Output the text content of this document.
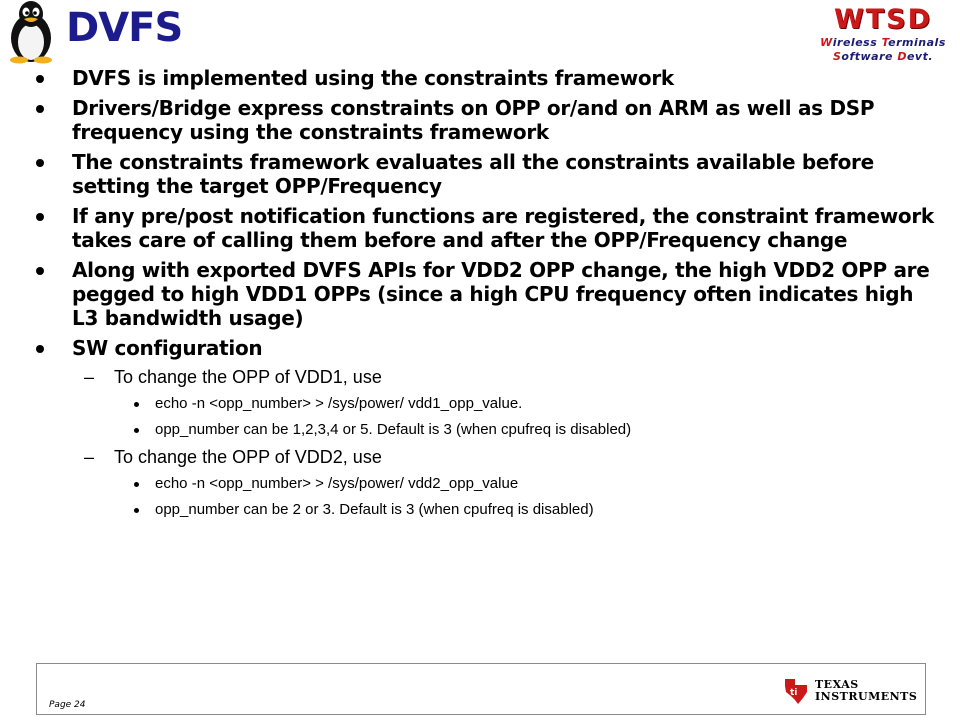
DVFS	WTSD
Wireless Terminals
Software Devt.
DVFS is implemented using the constraints framework
Drivers/Bridge express constraints on OPP or/and on ARM as well as DSP frequency using the constraints framework
The constraints framework evaluates all the constraints available before setting the target OPP/Frequency
If any pre/post notification functions are registered, the constraint framework takes care of calling them before and after the OPP/Frequency change
Along with exported DVFS APIs for VDD2 OPP change, the high VDD2 OPP are pegged to high VDD1 OPPs (since a high CPU frequency often indicates high L3 bandwidth usage)
SW configuration
– To change the OPP of VDD1, use
echo -n <opp_number> > /sys/power/ vdd1_opp_value.
opp_number can be 1,2,3,4 or 5. Default is 3 (when cpufreq is disabled)
– To change the OPP of VDD2, use
echo -n <opp_number> > /sys/power/ vdd2_opp_value
opp_number can be 2 or 3. Default is 3 (when cpufreq is disabled)
Page 24
ti
TEXAS
INSTRUMENTS
